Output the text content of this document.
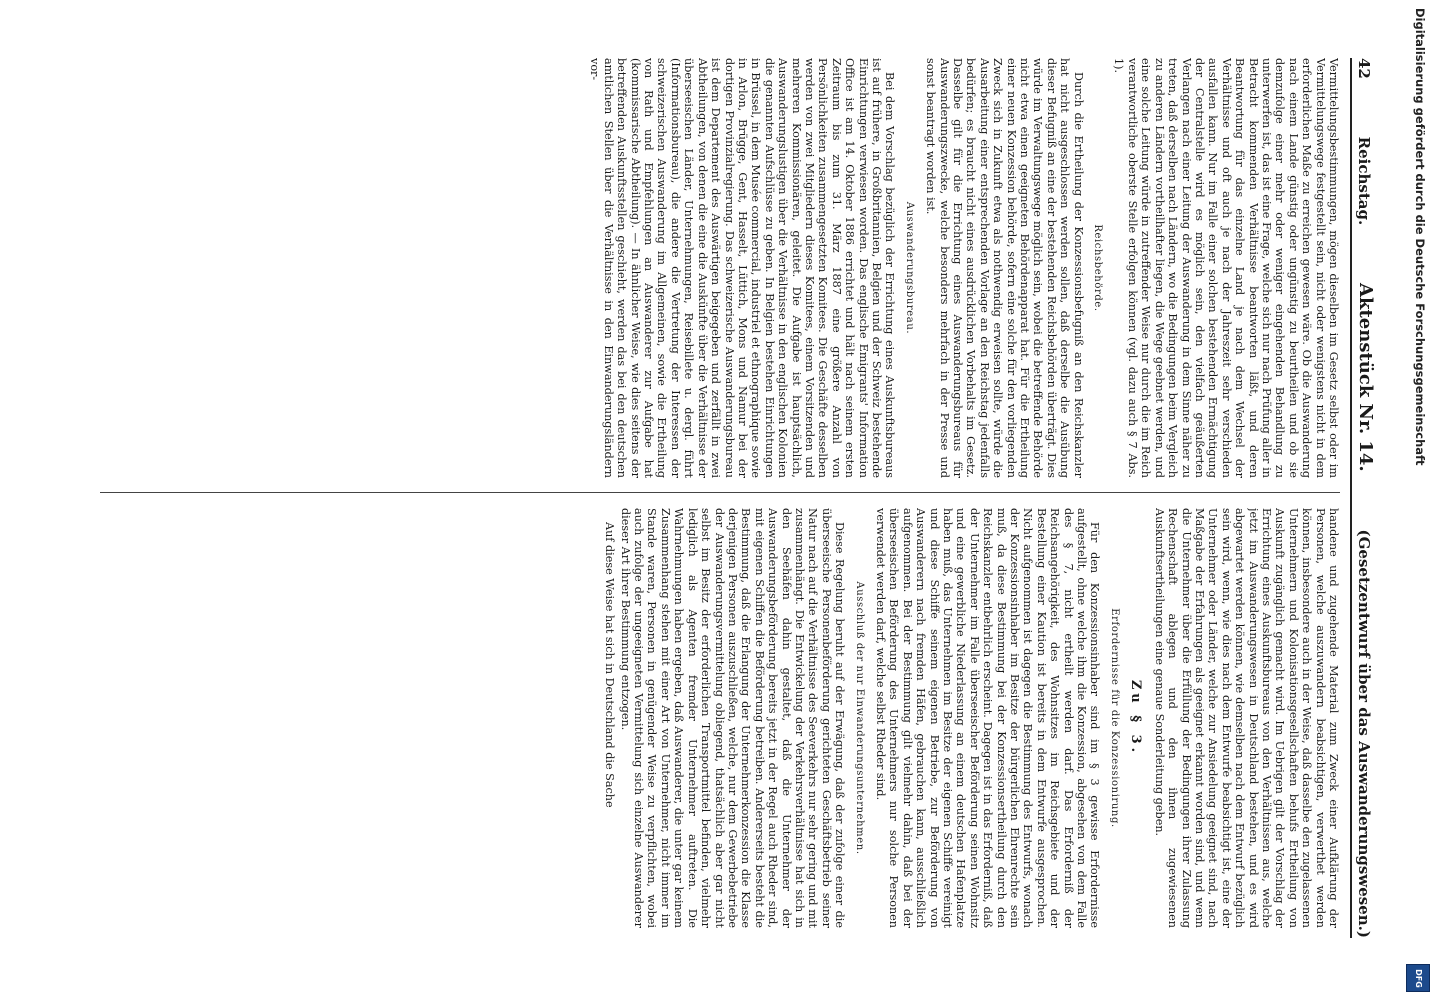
42
Reichstag.
Aktenstück Nr. 14.
(Gesetzentwurf über das Auswanderungswesen.)

Vermittelungsbestimmungen, mögen dieselben im Gesetz selbst oder im Vermittelungswege festgestellt sein, nicht oder wenigstens nicht in dem erforderlichen Maße zu erreichen gewesen wäre. Ob die Auswanderung nach einem Lande günstig oder ungünstig zu beurtheilen und ob sie demzufolge einer mehr oder weniger eingehenden Behandlung zu unterwerfen ist, das ist eine Frage, welche sich nur nach Prüfung aller in Betracht kommenden Verhältnisse beantworten läßt, und deren Beantwortung für das einzelne Land je nach dem Wechsel der Verhältnisse und oft auch je nach der Jahreszeit sehr verschieden ausfallen kann. Nur im Falle einer solchen bestehenden Ermächtigung der Centralstelle wird es möglich sein, den vielfach geäußerten Verlangen nach einer Leitung der Auswanderung in dem Sinne näher zu treten, daß derselben nach Ländern, wo die Bedingungen beim Vergleich zu anderen Ländern vortheilhafter liegen, die Wege geebnet werden, und eine solche Leitung würde in zutreffender Weise nur durch die im Reich verantwortliche oberste Stelle erfolgen können (vgl. dazu auch § 7 Abs. 1).

Reichsbehörde.

Durch die Ertheilung der Konzessionsbefugniß an den Reichskanzler hat nicht ausgeschlossen werden sollen, daß derselbe die Ausübung dieser Befugniß an eine der bestehenden Reichsbehörden überträgt. Dies würde im Verwaltungswege möglich sein, wobei die betreffende Behörde nicht etwa einen geeigneten Behördenapparat hat. Für die Ertheilung einer neuen Konzession behörde, sofern eine solche für den vorliegenden Zweck sich in Zukunft etwa als nothwendig erweisen sollte, würde die Ausarbeitung einer entsprechenden Vorlage an den Reichstag jedenfalls bedürfen; es braucht nicht eines ausdrücklichen Vorbehalts im Gesetz. Dasselbe gilt für die Errichtung eines Auswanderungsbureaus für Auswanderungszwecke, welche besonders mehrfach in der Presse und sonst beantragt worden ist.

Auswanderungsbureau.

Bei dem Vorschlag bezüglich der Errichtung eines Auskunftsbureaus ist auf frühere, in Großbritannien, Belgien und der Schweiz bestehende Einrichtungen verwiesen worden. Das englische Emigrants' Information Office ist am 14. Oktober 1886 errichtet und hält nach seinem ersten Zeitraum bis zum 31. März 1887 eine größere Anzahl von Persönlichkeiten zusammengesetzten Komitees. Die Geschäfte desselben werden von zwei Mitgliedern dieses Komitees, einem Vorsitzenden und mehreren Kommissionären, geleitet. Die Aufgabe ist hauptsächlich, Auswanderungslustigen über die Verhältnisse in den englischen Kolonien die genannten Aufschlüsse zu geben. In Belgien bestehen Einrichtungen in Brüssel, in dem Musée commercial, industriel et ethnographique sowie in Arlon, Brügge, Gent, Hasselt, Lüttich, Mons und Namur bei der dortigen Provinzialregierung. Das schweizerische Auswanderungsbureau ist dem Departement des Auswärtigen beigegeben und zerfällt in zwei Abtheilungen, von denen die eine die Auskünfte über die Verhältnisse der überseeischen Länder, Unternehmungen, Reisebillete u. dergl. führt (Informationsbureau), die andere die Vertretung der Interessen der schweizerischen Auswanderung im Allgemeinen, sowie die Ertheilung von Rath und Empfehlungen an Auswanderer zur Aufgabe hat (kommissarische Abtheilung). — In ähnlicher Weise, wie dies seitens der betreffenden Auskunftsstellen geschieht, werden das bei den deutschen amtlichen Stellen über die Verhältnisse in den Einwanderungsländern vor-

handene und zugehende Material zum Zweck einer Aufklärung der Personen, welche auszuwandern beabsichtigen, verwerthet werden können, insbesondere auch in der Weise, daß dasselbe den zugelassenen Unternehmern und Kolonisationsgesellschaften behufs Ertheilung von Auskunft zugänglich gemacht wird. Im Uebrigen gilt der Vorschlag der Errichtung eines Auskunftsbureaus von den Verhältnissen aus, welche jetzt im Auswanderungswesen in Deutschland bestehen, und es wird abgewartet werden können, wie demselben nach dem Entwurf bezüglich sein wird, wenn, wie dies nach dem Entwurfe beabsichtigt ist, eine der Unternehmer oder Länder, welche zur Ansiedelung geeignet sind, nach Maßgabe der Erfahrungen als geeignet erkannt worden sind, und wenn die Unternehmer über die Erfüllung der Bedingungen ihrer Zulassung Rechenschaft ablegen und den ihnen zugewiesenen Auskunftsertheilungen eine genaue Sonderleitung geben.

Zu § 3.
Erfordernisse für die Konzessionirung.

Für den Konzessionsinhaber sind im § 3 gewisse Erfordernisse aufgestellt, ohne welche ihm die Konzession, abgesehen von dem Falle des § 7, nicht ertheilt werden darf. Das Erforderniß der Reichsangehörigkeit, des Wohnsitzes im Reichsgebiete und der Bestellung einer Kaution ist bereits in dem Entwurfe ausgesprochen. Nicht aufgenommen ist dagegen die Bestimmung des Entwurfs, wonach der Konzessionsinhaber im Besitze der bürgerlichen Ehrenrechte sein muß, da diese Bestimmung bei der Konzessionsertheilung durch den Reichskanzler entbehrlich erscheint. Dagegen ist in das Erforderniß, daß der Unternehmer im Falle überseeischer Beförderung seinen Wohnsitz und eine gewerbliche Niederlassung an einem deutschen Hafenplatze haben muß, das Unternehmen im Besitze der eigenen Schiffe vereinigt und diese Schiffe seinem eigenen Betriebe, zur Beförderung von Auswanderern nach fremden Häfen, gebrauchen kann, ausschließlich aufgenommen. Bei der Bestimmung gilt vielmehr dahin, daß bei der überseeischen Beförderung des Unternehmers nur solche Personen verwendet werden darf, welche selbst Rheder sind.

Ausschluß der nur Einwanderungsunternehmen.

Diese Regelung beruht auf der Erwägung, daß der zufolge einer die überseeische Personenbeförderung gerichteten Geschäftsbetrieb seiner Natur nach auf die Verhältnisse des Seeverkehrs nur sehr gering und mit zusammenhängt. Die Entwickelung der Verkehrsverhältnisse hat sich in den Seehäfen dahin gestaltet, daß die Unternehmer der Auswanderungsbeförderung bereits jetzt in der Regel auch Rheder sind, mit eigenen Schiffen die Beförderung betreiben. Andererseits besteht die Bestimmung, daß die Erlangung der Unternehmerkonzession die Klasse derjenigen Personen auszuschließen, welche, nur dem Gewerbebetriebe der Auswanderungsvermittelung obliegend, thatsächlich aber gar nicht selbst im Besitz der erforderlichen Transportmittel befinden, vielmehr lediglich als Agenten fremder Unternehmer auftreten. Die Wahrnehmungen haben ergeben, daß Auswanderer, die unter gar keinem Zusammenhang stehen mit einer Art von Unternehmer, nicht immer im Stande waren, Personen in genügender Weise zu verpflichten, wobei auch zufolge der ungeeigneten Vermittelung sich einzelne Auswanderer dieser Art ihrer Bestimmung entzogen.

Auf diese Weise hat sich in Deutschland die Sache

Digitalisierung gefördert durch die Deutsche Forschungsgemeinschaft
DFG
